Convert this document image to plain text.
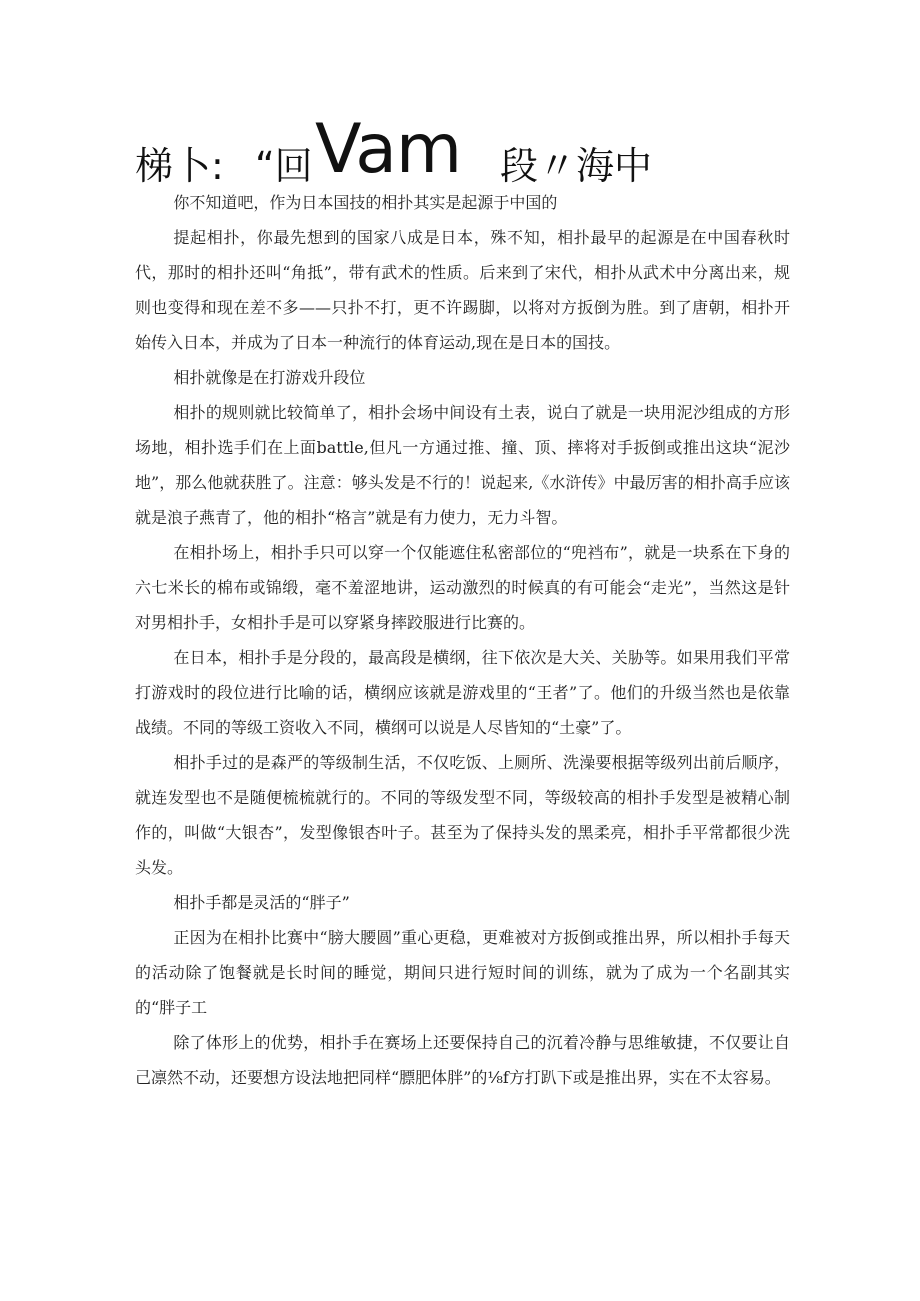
梯卜: “回 Vam 段〃海中

你不知道吧，作为日本国技的相扑其实是起源于中国的

提起相扑，你最先想到的国家八成是日本，殊不知，相扑最早的起源是在中国春秋时代，那时的相扑还叫“角抵”，带有武术的性质。后来到了宋代，相扑从武术中分离出来，规则也变得和现在差不多——只扑不打，更不许踢脚，以将对方扳倒为胜。到了唐朝，相扑开始传入日本，并成为了日本一种流行的体育运动,现在是日本的国技。

相扑就像是在打游戏升段位

相扑的规则就比较简单了，相扑会场中间设有土表，说白了就是一块用泥沙组成的方形场地，相扑选手们在上面battle,但凡一方通过推、撞、顶、摔将对手扳倒或推出这块“泥沙地”，那么他就获胜了。注意：够头发是不行的！说起来,《水浒传》中最厉害的相扑高手应该就是浪子燕青了，他的相扑“格言”就是有力使力，无力斗智。

在相扑场上，相扑手只可以穿一个仅能遮住私密部位的“兜裆布”，就是一块系在下身的六七米长的棉布或锦缎，毫不羞涩地讲，运动激烈的时候真的有可能会“走光”，当然这是针对男相扑手，女相扑手是可以穿紧身摔跤服进行比赛的。

在日本，相扑手是分段的，最高段是横纲，往下依次是大关、关胁等。如果用我们平常打游戏时的段位进行比喻的话，横纲应该就是游戏里的“王者”了。他们的升级当然也是依靠战绩。不同的等级工资收入不同，横纲可以说是人尽皆知的“土豪”了。

相扑手过的是森严的等级制生活，不仅吃饭、上厕所、洗澡要根据等级列出前后顺序，就连发型也不是随便梳梳就行的。不同的等级发型不同，等级较高的相扑手发型是被精心制作的，叫做“大银杏”，发型像银杏叶子。甚至为了保持头发的黑柔亮，相扑手平常都很少洗头发。

相扑手都是灵活的“胖子”

正因为在相扑比赛中“膀大腰圆”重心更稳，更难被对方扳倒或推出界，所以相扑手每天的活动除了饱餐就是长时间的睡觉，期间只进行短时间的训练，就为了成为一个名副其实的“胖子工

除了体形上的优势，相扑手在赛场上还要保持自己的沉着冷静与思维敏捷，不仅要让自己凛然不动，还要想方设法地把同样“膘肥体胖”的⅛f方打趴下或是推出界，实在不太容易。
